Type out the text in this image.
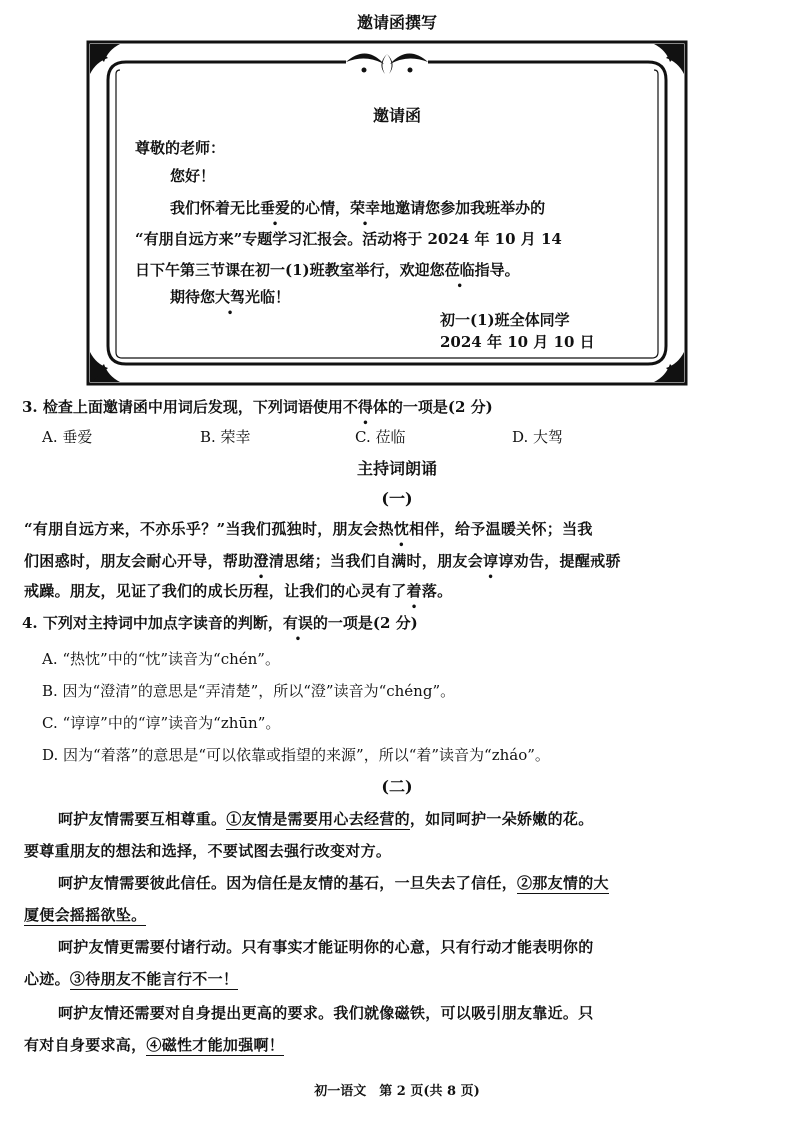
邀请函撰写
邀请函
尊敬的老师：
您好！
我们怀着无比垂爱的心情，荣幸地邀请您参加我班举办的
“有朋自远方来”专题学习汇报会。活动将于 2024 年 10 月 14
日下午第三节课在初一(1)班教室举行，欢迎您莅临指导。
期待您大驾光临！
初一(1)班全体同学
2024 年 10 月 10 日
3. 检查上面邀请函中用词后发现，下列词语使用不得体的一项是(2 分)
A. 垂爱	B. 荣幸	C. 莅临	D. 大驾
主持词朗诵
(一)
“有朋自远方来，不亦乐乎？”当我们孤独时，朋友会热忱相伴，给予温暖关怀；当我
们困惑时，朋友会耐心开导，帮助澄清思绪；当我们自满时，朋友会谆谆劝告，提醒戒骄
戒躁。朋友，见证了我们的成长历程，让我们的心灵有了着落。
4. 下列对主持词中加点字读音的判断，有误的一项是(2 分)
A. “热忱”中的“忱”读音为“chén”。
B. 因为“澄清”的意思是“弄清楚”，所以“澄”读音为“chéng”。
C. “谆谆”中的“谆”读音为“zhūn”。
D. 因为“着落”的意思是“可以依靠或指望的来源”，所以“着”读音为“zháo”。
(二)
呵护友情需要互相尊重。①友情是需要用心去经营的，如同呵护一朵娇嫩的花。
要尊重朋友的想法和选择，不要试图去强行改变对方。
呵护友情需要彼此信任。因为信任是友情的基石，一旦失去了信任，②那友情的大
厦便会摇摇欲坠。
呵护友情更需要付诸行动。只有事实才能证明你的心意，只有行动才能表明你的
心迹。③待朋友不能言行不一！
呵护友情还需要对自身提出更高的要求。我们就像磁铁，可以吸引朋友靠近。只
有对自身要求高，④磁性才能加强啊！
初一语文　第 2 页(共 8 页)
